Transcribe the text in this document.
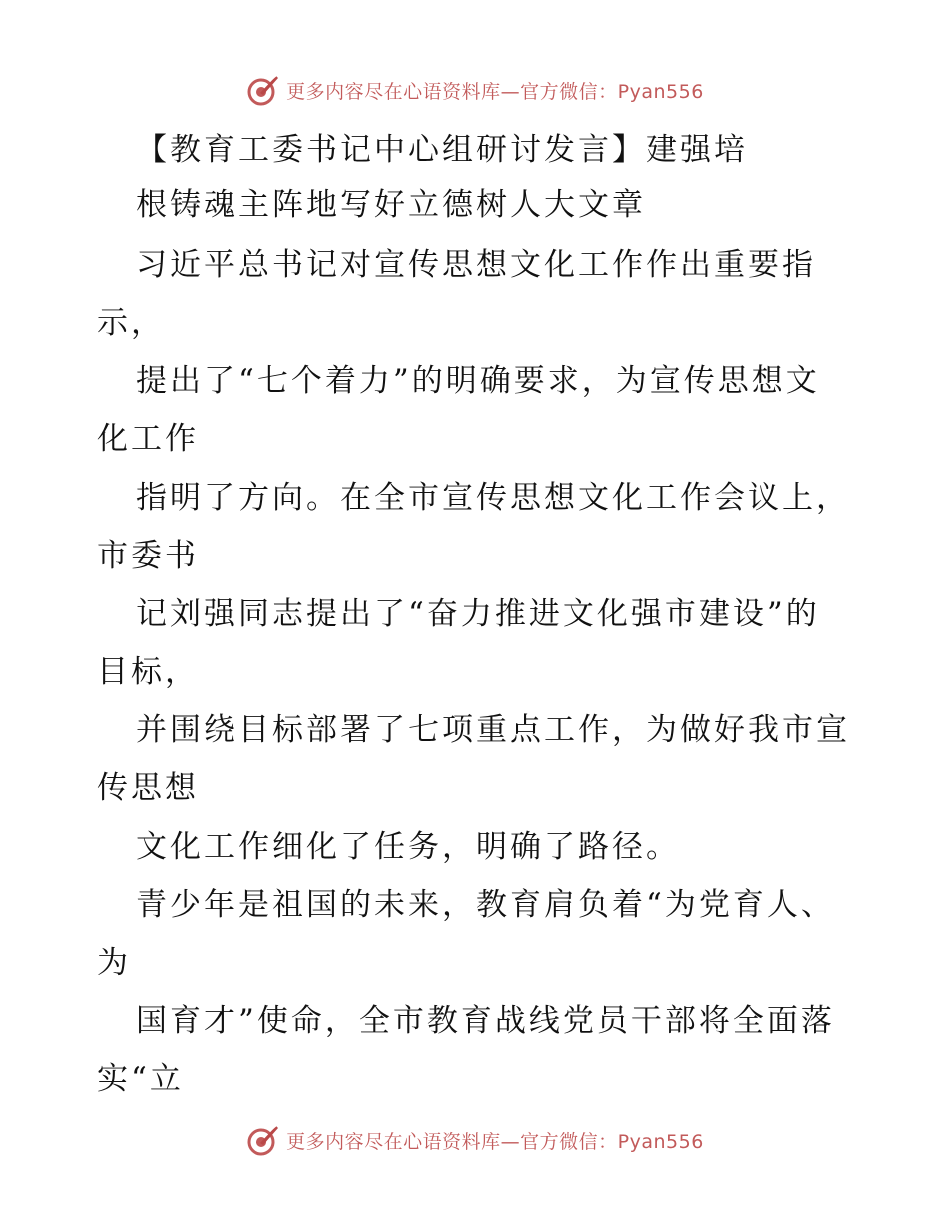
更多内容尽在心语资料库—官方微信：Pyan556
【教育工委书记中心组研讨发言】建强培
根铸魂主阵地写好立德树人大文章
习近平总书记对宣传思想文化工作作出重要指
示，
提出了“七个着力”的明确要求，为宣传思想文
化工作
指明了方向。在全市宣传思想文化工作会议上，
市委书
记刘强同志提出了“奋力推进文化强市建设”的
目标，
并围绕目标部署了七项重点工作，为做好我市宣
传思想
文化工作细化了任务，明确了路径。
青少年是祖国的未来，教育肩负着“为党育人、
为
国育才”使命，全市教育战线党员干部将全面落
实“立
更多内容尽在心语资料库—官方微信：Pyan556
